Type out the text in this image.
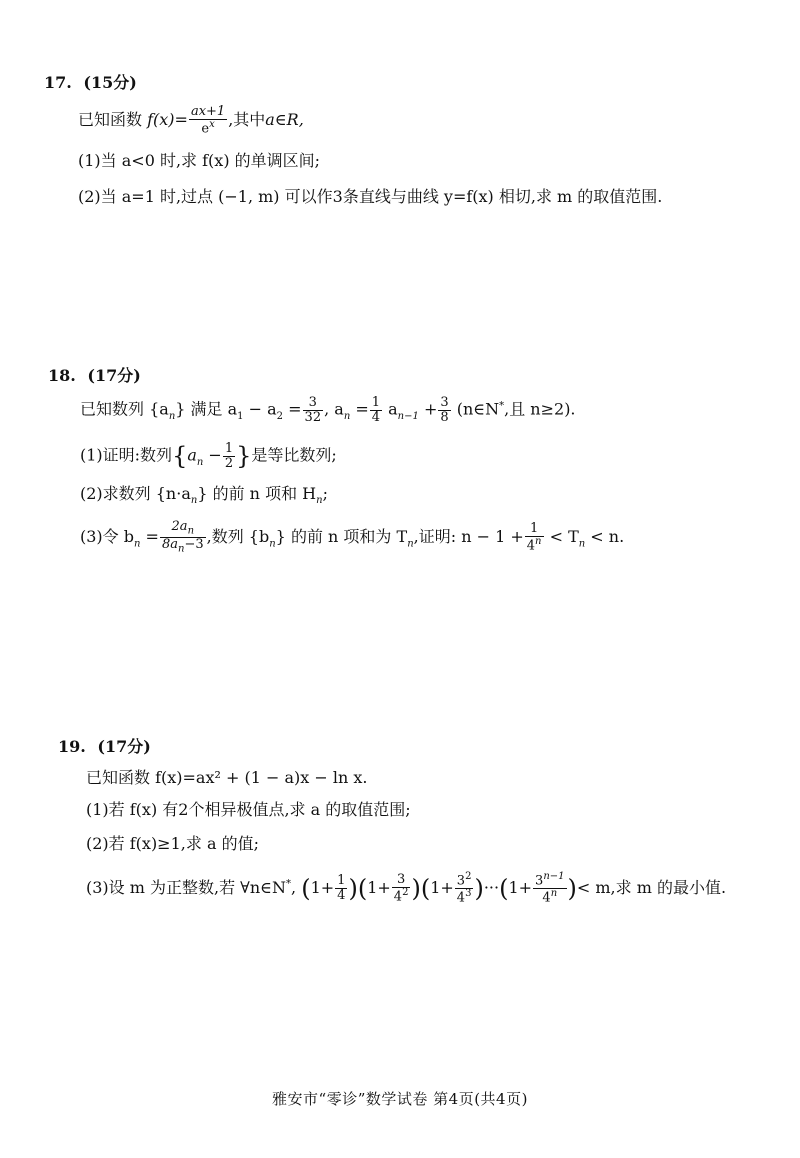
17. (15分)
已知函数 $f(x)= \frac{ax+1}{e^x}$ ,其中a∈R,
(1)当 a<0 时,求 f(x) 的单调区间;
(2)当 a=1 时,过点 (−1, m) 可以作3条直线与曲线 y=f(x) 相切,求 m 的取值范围.
18. (17分)
已知数列 $\{a_n\}$ 满足 $a_1 - a_2 = \frac{3}{32}$ , $a_n = \frac{1}{4} a_{n-1} + \frac{3}{8}$ (n∈N*,且 n≥2).
(1)证明:数列{$a_n - \frac{1}{2}$ }是等比数列;
(2)求数列 $\{n\cdot a_n\}$ 的前 n 项和 $H_n$;
(3)令 $b_n = \frac{2a_n}{8a_n-3}$ ,数列 $\{b_n\}$ 的前 n 项和为 $T_n$,证明: $n - 1 + \frac{1}{4^n} < T_n < n$.
19. (17分)
已知函数 f(x)=ax² + (1 − a)x − ln x.
(1)若 f(x) 有2个相异极值点,求 a 的取值范围;
(2)若 f(x)≥1,求 a 的值;
(3)设 m 为正整数,若 ∀n∈N*, $(1+ \frac{1}{4} )(1+ \frac{3}{4^2} )(1+ \frac{3^2}{4^3} )\cdot\cdot\cdot(1+ \frac{3^{n-1}}{4^n}$ )< m,求 m 的最小值.
雅安市“零诊”数学试卷 第4页(共4页)
